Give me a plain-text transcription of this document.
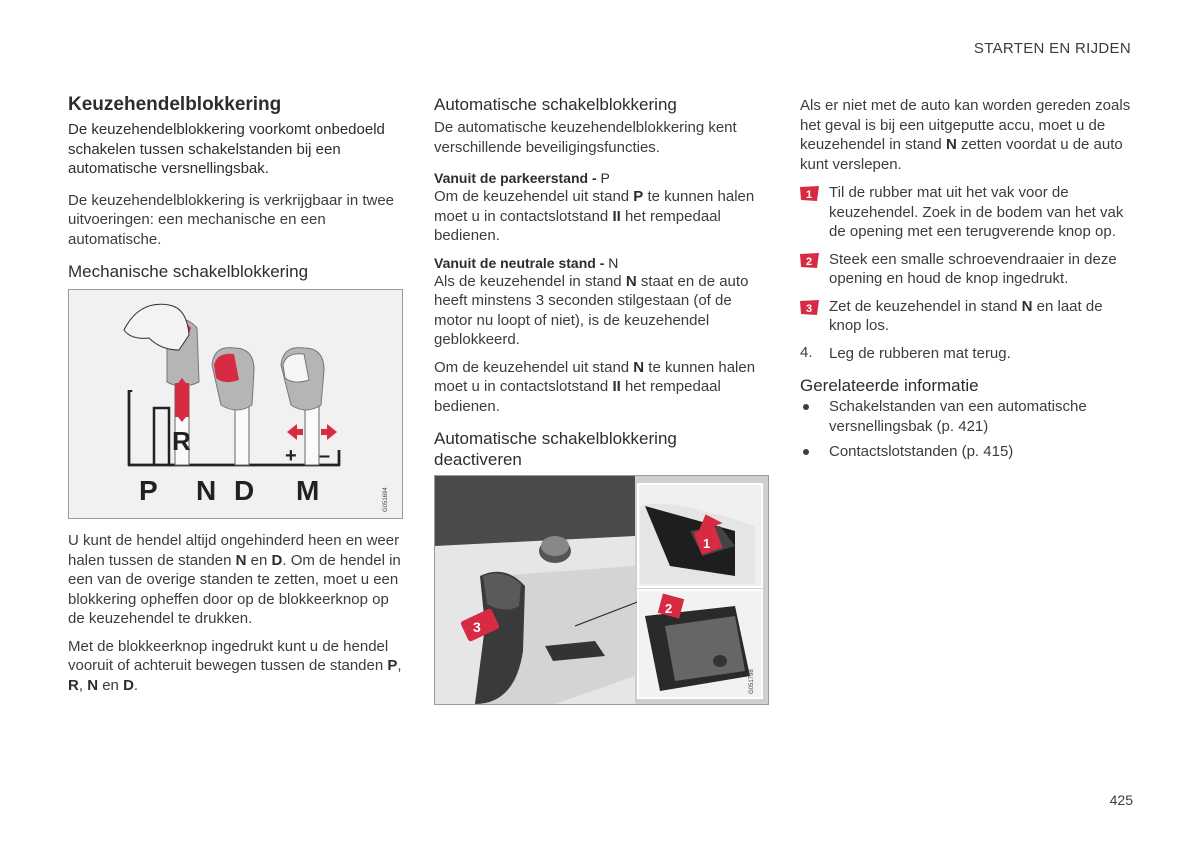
STARTEN EN RIJDEN
Keuzehendelblokkering

De keuzehendelblokkering voorkomt onbedoeld schakelen tussen schakelstanden bij een automatische versnellingsbak.

De keuzehendelblokkering is verkrijgbaar in twee uitvoeringen: een mechanische en een automatische.

Mechanische schakelblokkering
R	+ –
P N D M	G051694

U kunt de hendel altijd ongehinderd heen en weer halen tussen de standen N en D. Om de hendel in een van de overige standen te zetten, moet u een blokkering opheffen door op de blokkeerknop op de keuzehendel te drukken.

Met de blokkeerknop ingedrukt kunt u de hendel vooruit of achteruit bewegen tussen de standen P, R, N en D.

Automatische schakelblokkering

De automatische keuzehendelblokkering kent verschillende beveiligingsfuncties.

Vanuit de parkeerstand - P

Om de keuzehendel uit stand P te kunnen halen moet u in contactslotstand II het rempedaal bedienen.

Vanuit de neutrale stand - N

Als de keuzehendel in stand N staat en de auto heeft minstens 3 seconden stilgestaan (of de motor nu loopt of niet), is de keuzehendel geblokkeerd.

Om de keuzehendel uit stand N te kunnen halen moet u in contactslotstand II het rempedaal bedienen.

Automatische schakelblokkering deactiveren
3
1
2
G051798

Als er niet met de auto kan worden gereden zoals het geval is bij een uitgeputte accu, moet u de keuzehendel in stand N zetten voordat u de auto kunt verslepen.

1 Til de rubber mat uit het vak voor de keuzehendel. Zoek in de bodem van het vak de opening met een terugverende knop op.

2 Steek een smalle schroevendraaier in deze opening en houd de knop ingedrukt.

3 Zet de keuzehendel in stand N en laat de knop los.

4. Leg de rubberen mat terug.

Gerelateerde informatie

Schakelstanden van een automatische versnellingsbak (p. 421)

Contactslotstanden (p. 415)

425
